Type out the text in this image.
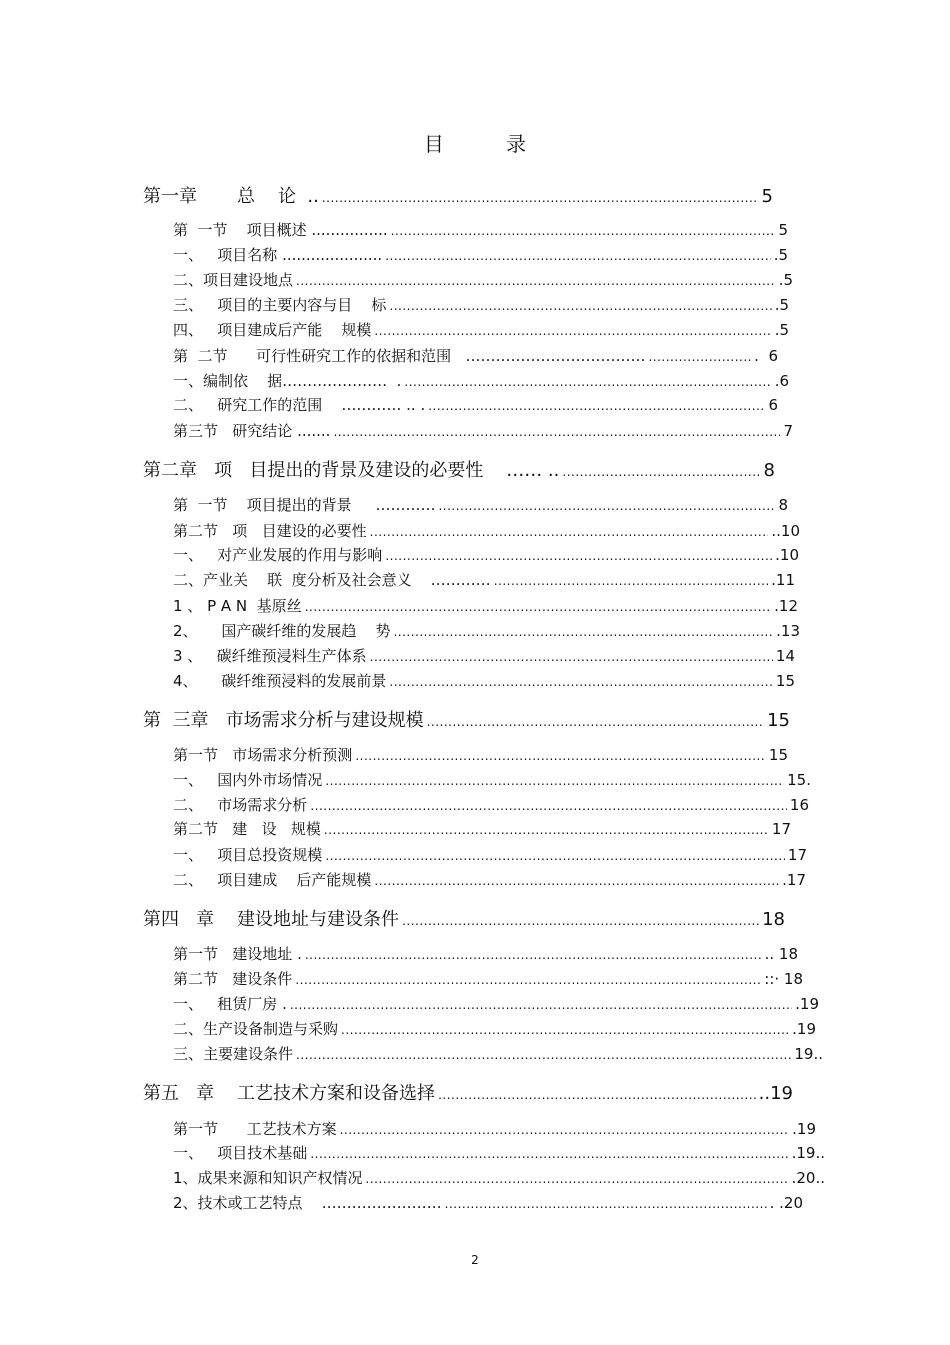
目 录
第一章       总    论  .. .....	5
第  一节    项目概述 ................ .....	5
一、   项目名称 ..................... .....	.5
二、项目建设地点 .....	.5
三、   项目的主要内容与目    标 .....	.5
四、   项目建成后产能    规模 .....	.5
第  二节      可行性研究工作的依据和范围   ……………………………… .....	.  6
一、编制依    据…………………  . .....	.6
二、   研究工作的范围    ………… .. . .....	6
第三节   研究结论 ....... .....	7
第二章   项   目提出的背景及建设的必要性    …… .. .....	8
第  一节    项目提出的背景     ………… .....	8
第二节   项   目建设的必要性 .....	..10
一、   对产业发展的作用与影响 .....	.10
二、产业关    联  度分析及社会意义    ………… .....	.11
1 、 P A N  基原丝 .....	.12
2、     国产碳纤维的发展趋    势 .....	.13
3 、   碳纤维预浸料生产体系 .....	14
4、     碳纤维预浸料的发展前景 .....	15
第  三章   市场需求分析与建设规模 .....	15
第一节   市场需求分析预测 .....	15
一、   国内外市场情况 .....	15.
二、   市场需求分析 .....	16
第二节   建   设   规模 .....	17
一、   项目总投资规模 .....	17
二、   项目建成    后产能规模 .....	.17
第四   章    建设地址与建设条件 .....	18
第一节   建设地址 . .....	.. 18
第二节   建设条件 .....	::· 18
一、   租赁厂房 . .....	.19
二、生产设备制造与采购 .....	.19
三、主要建设条件 .....	19..
第五   章    工艺技术方案和设备选择 .....	..19
第一节      工艺技术方案 .....	.19
一、   项目技术基础 .....	.19..
1、成果来源和知识产权情况 .....	.20..
2、技术或工艺特点    …………………… .....	. .20
2
